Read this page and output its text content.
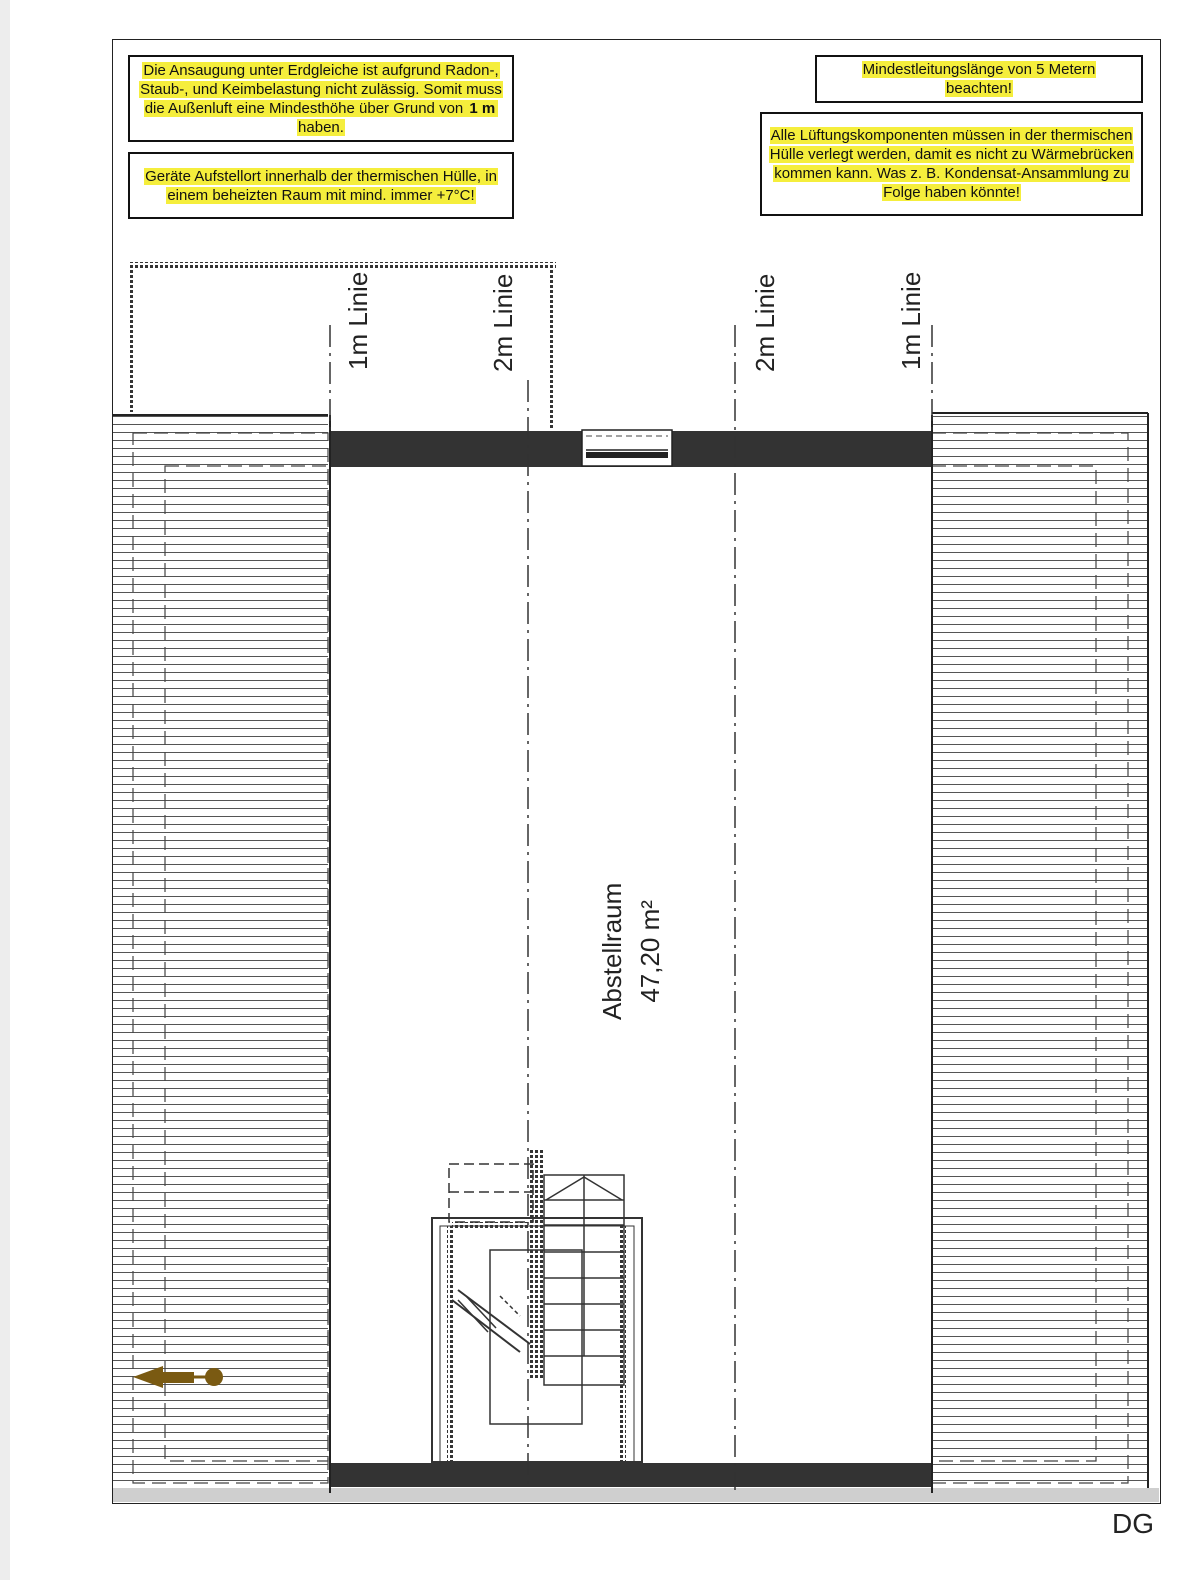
Die Ansaugung unter Erdgleiche ist aufgrund Radon-, Staub-, und Keimbelastung nicht zulässig. Somit muss die Außenluft eine Mindesthöhe über Grund von 1 m haben.
Geräte Aufstellort innerhalb der thermischen Hülle, in einem beheizten Raum mit mind. immer +7°C!
Mindestleitungslänge von 5 Metern beachten!
Alle Lüftungskomponenten müssen in der thermischen Hülle verlegt werden, damit es nicht zu Wärmebrücken kommen kann. Was z. B. Kondensat-Ansammlung zu Folge haben könnte!
1m Linie	2m Linie	2m Linie	1m Linie
Abstellraum 47,20 m²
DG
